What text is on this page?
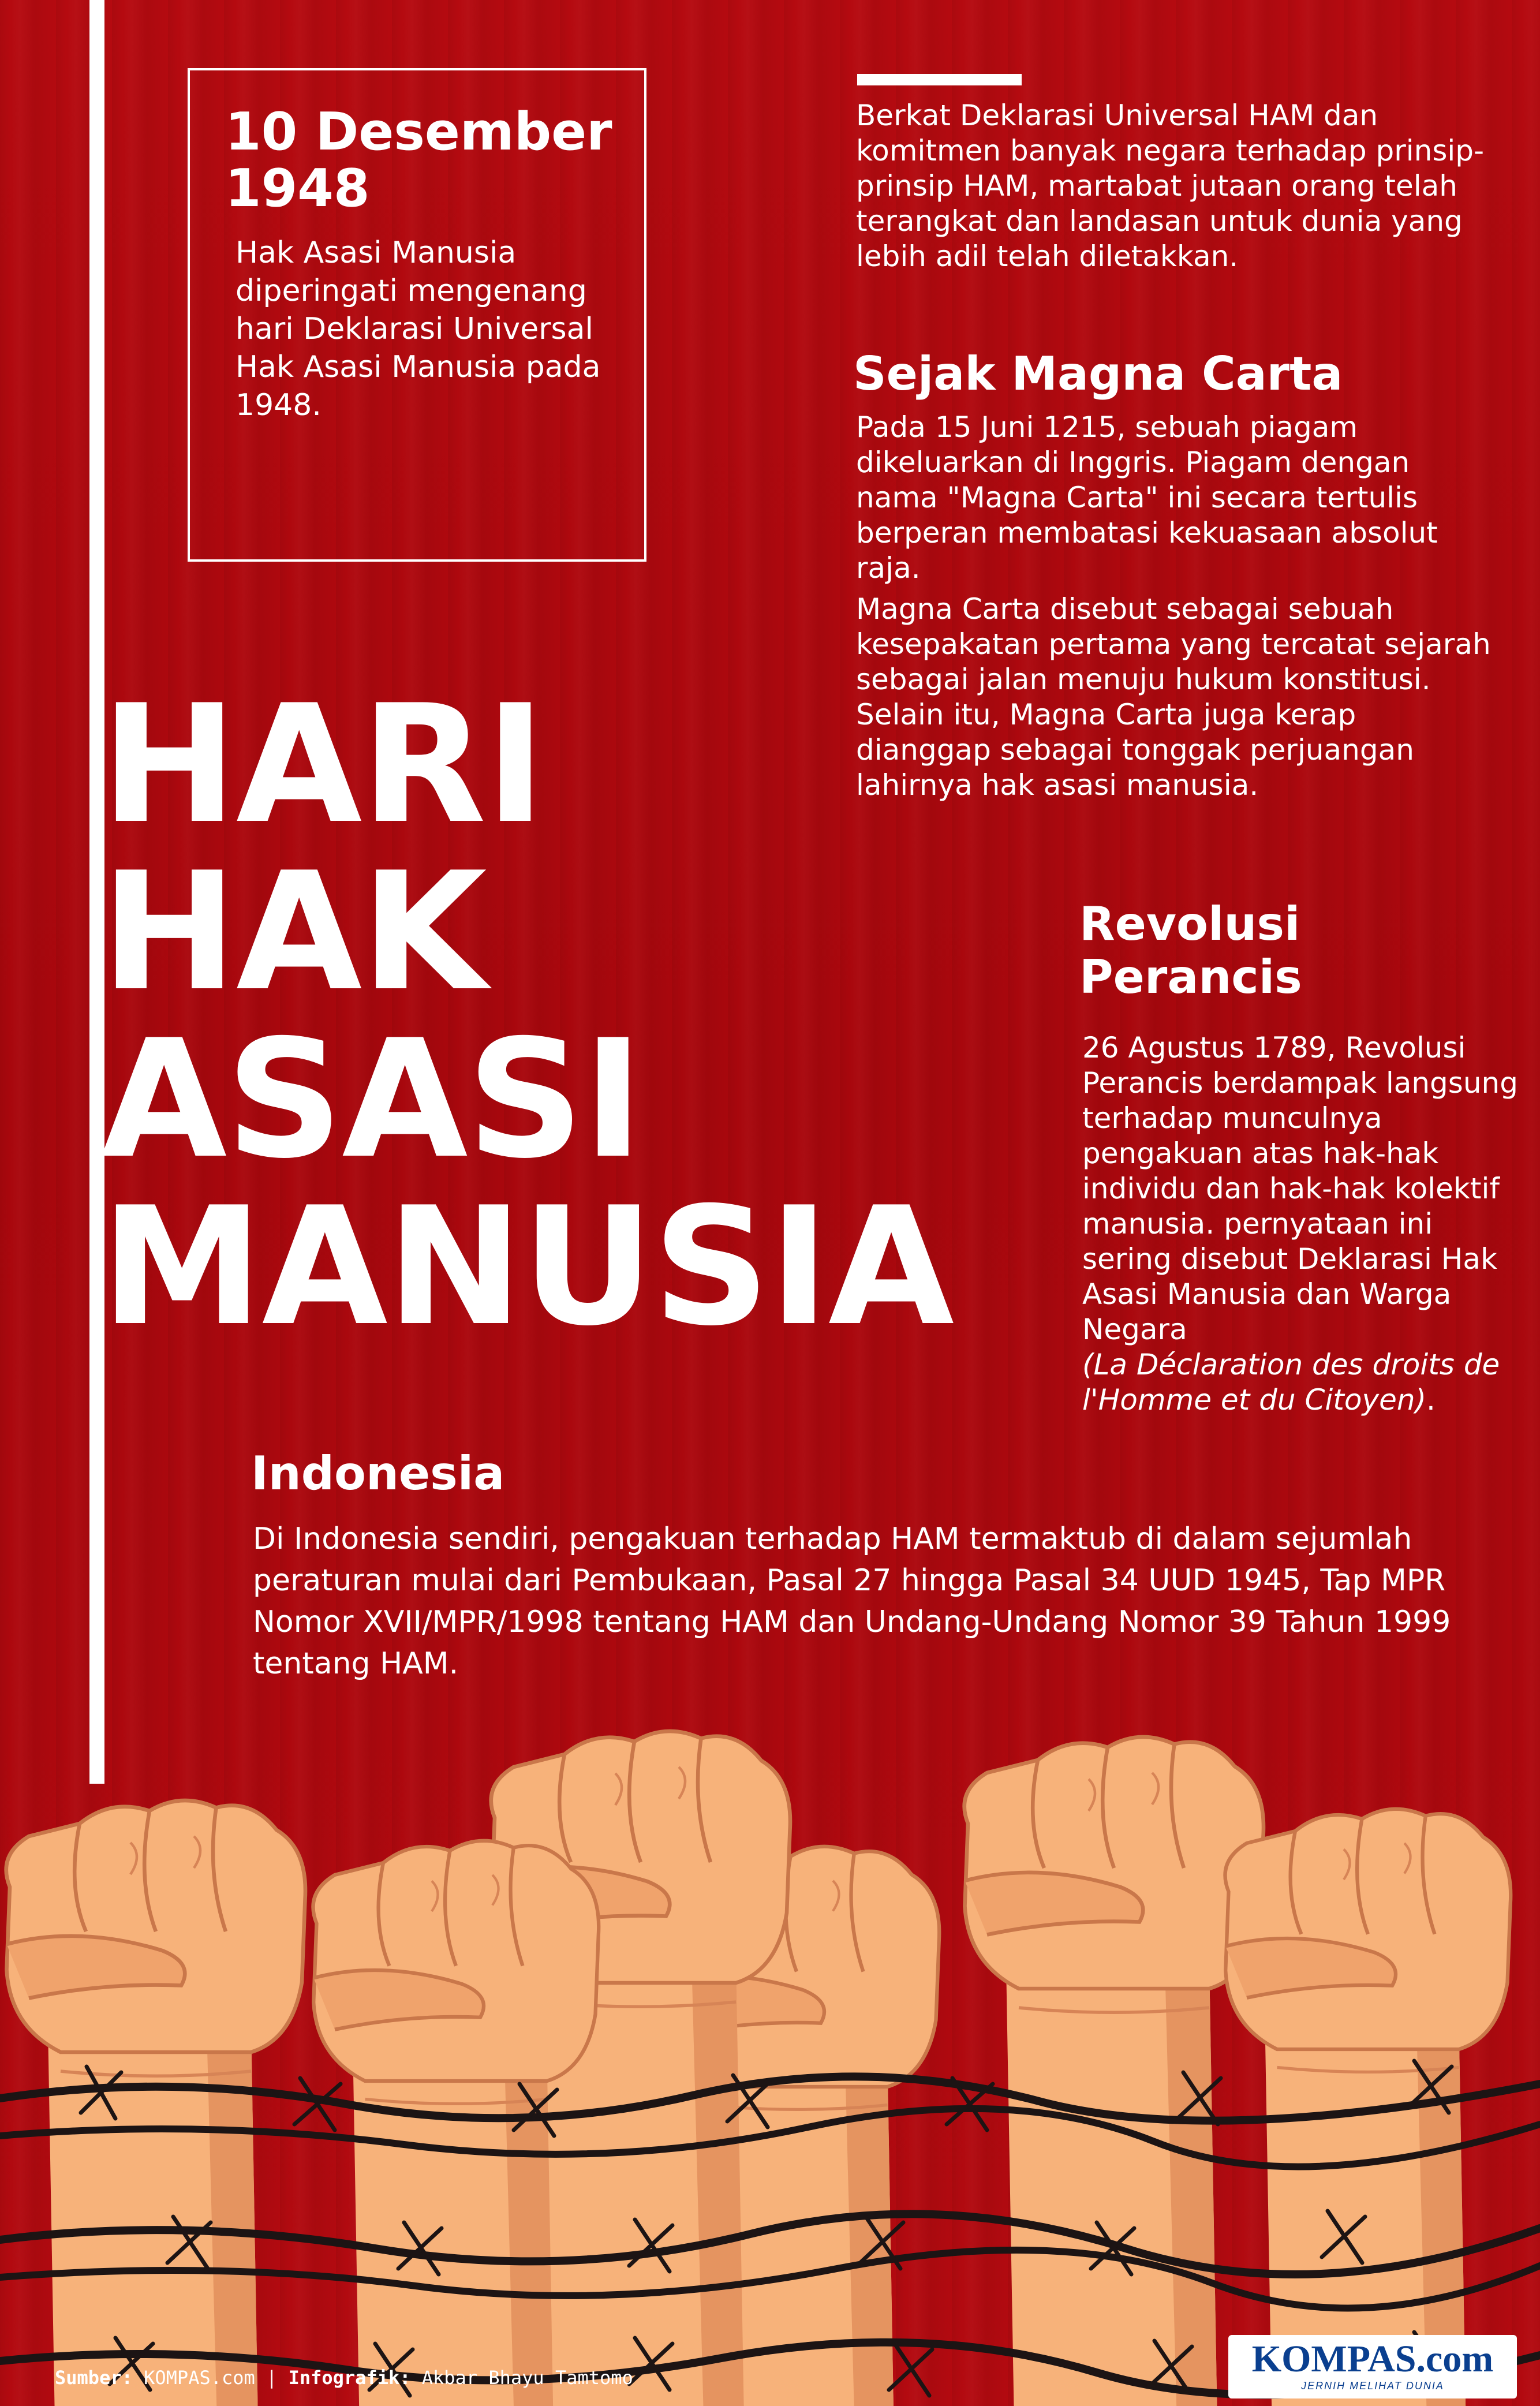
10 Desember
1948
Hak Asasi Manusia diperingati mengenang hari Deklarasi Universal Hak Asasi Manusia pada 1948.
Berkat Deklarasi Universal HAM dan komitmen banyak negara terhadap prinsip-prinsip HAM, martabat jutaan orang telah terangkat dan landasan untuk dunia yang lebih adil telah diletakkan.
Sejak Magna Carta
Pada 15 Juni 1215, sebuah piagam dikeluarkan di Inggris. Piagam dengan nama "Magna Carta" ini secara tertulis berperan membatasi kekuasaan absolut raja.
Magna Carta disebut sebagai sebuah kesepakatan pertama yang tercatat sejarah sebagai jalan menuju hukum konstitusi. Selain itu, Magna Carta juga kerap dianggap sebagai tonggak perjuangan lahirnya hak asasi manusia.
Revolusi
Perancis
26 Agustus 1789, Revolusi Perancis berdampak langsung terhadap munculnya pengakuan atas hak-hak individu dan hak-hak kolektif manusia. pernyataan ini sering disebut Deklarasi Hak Asasi Manusia dan Warga Negara
(La Déclaration des droits de l'Homme et du Citoyen).
HARI
HAK
ASASI
MANUSIA
Indonesia
Di Indonesia sendiri, pengakuan terhadap HAM termaktub di dalam sejumlah peraturan mulai dari Pembukaan, Pasal 27 hingga Pasal 34 UUD 1945, Tap MPR Nomor XVII/MPR/1998 tentang HAM dan Undang-Undang Nomor 39 Tahun 1999 tentang HAM.
Sumber: KOMPAS.com | Infografik: Akbar Bhayu Tamtomo	KOMPAS.com
JERNIH MELIHAT DUNIA
